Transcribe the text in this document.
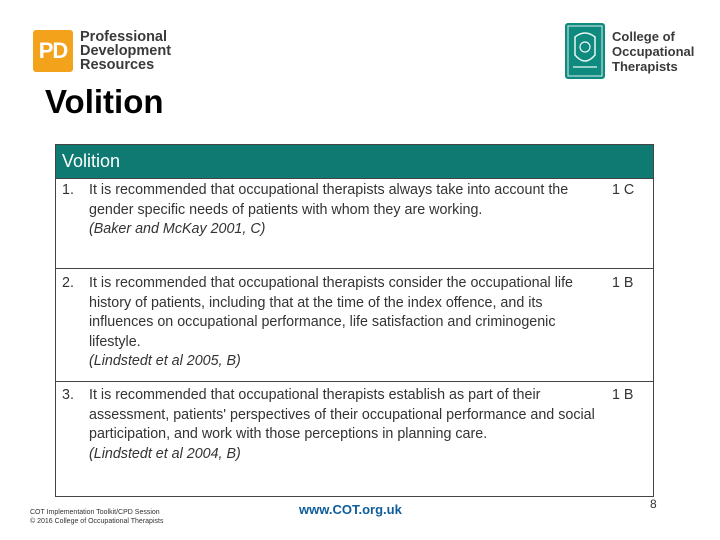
PD
Professional
Development
Resources
College of
Occupational
Therapists
Volition
Volition
1. It is recommended that occupational therapists always take into account the gender specific needs of patients with whom they are working.
(Baker and McKay 2001, C)
1 C
2. It is recommended that occupational therapists consider the occupational life history of patients, including that at the time of the index offence, and its influences on occupational performance, life satisfaction and criminogenic lifestyle.
(Lindstedt et al 2005, B)
1 B
3. It is recommended that occupational therapists establish as part of their assessment, patients' perspectives of their occupational performance and social participation, and work with those perceptions in planning care.
(Lindstedt et al 2004, B)
1 B
COT Implementation Toolkit/CPD Session
© 2016 College of Occupational Therapists
www.COT.org.uk	8
